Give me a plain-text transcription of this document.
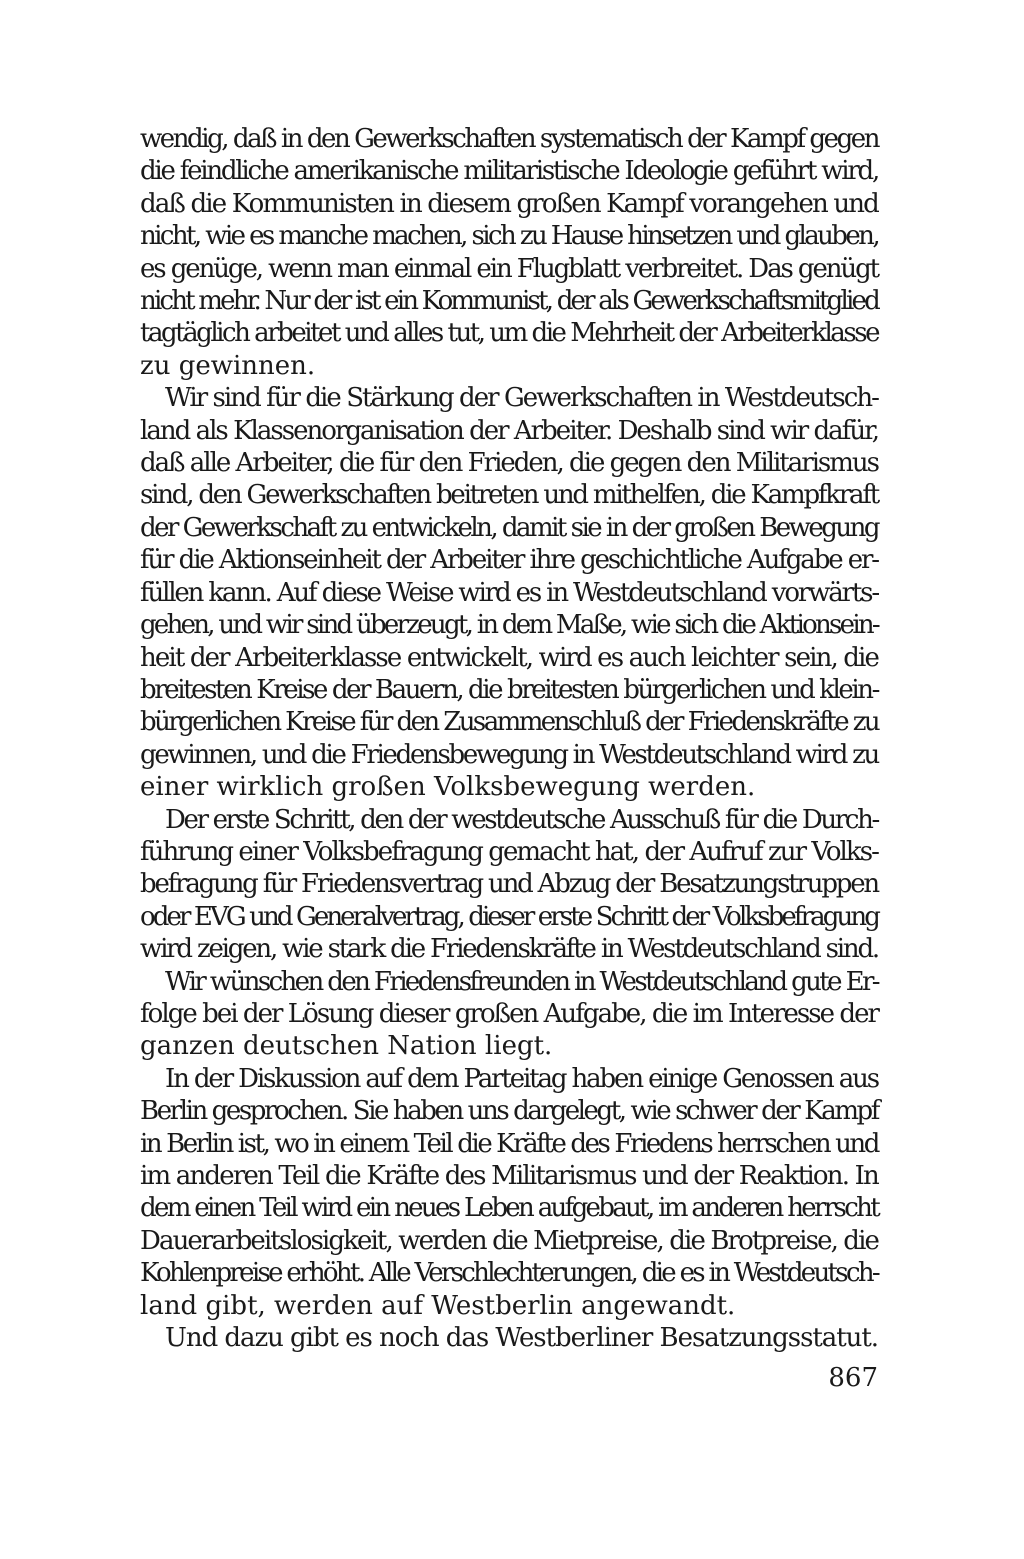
wendig, daß in den Gewerkschaften systematisch der Kampf gegen
die feindliche amerikanische militaristische Ideologie geführt wird,
daß die Kommunisten in diesem großen Kampf vorangehen und
nicht, wie es manche machen, sich zu Hause hinsetzen und glauben,
es genüge, wenn man einmal ein Flugblatt verbreitet. Das genügt
nicht mehr. Nur der ist ein Kommunist, der als Gewerkschaftsmitglied
tagtäglich arbeitet und alles tut, um die Mehrheit der Arbeiterklasse
zu gewinnen.

Wir sind für die Stärkung der Gewerkschaften in Westdeutsch-
land als Klassenorganisation der Arbeiter. Deshalb sind wir dafür,
daß alle Arbeiter, die für den Frieden, die gegen den Militarismus
sind, den Gewerkschaften beitreten und mithelfen, die Kampfkraft
der Gewerkschaft zu entwickeln, damit sie in der großen Bewegung
für die Aktionseinheit der Arbeiter ihre geschichtliche Aufgabe er-
füllen kann. Auf diese Weise wird es in Westdeutschland vorwärts-
gehen, und wir sind überzeugt, in dem Maße, wie sich die Aktionsein-
heit der Arbeiterklasse entwickelt, wird es auch leichter sein, die
breitesten Kreise der Bauern, die breitesten bürgerlichen und klein-
bürgerlichen Kreise für den Zusammenschluß der Friedenskräfte zu
gewinnen, und die Friedensbewegung in Westdeutschland wird zu
einer wirklich großen Volksbewegung werden.

Der erste Schritt, den der westdeutsche Ausschuß für die Durch-
führung einer Volksbefragung gemacht hat, der Aufruf zur Volks-
befragung für Friedensvertrag und Abzug der Besatzungstruppen
oder EVG und Generalvertrag, dieser erste Schritt der Volksbefragung
wird zeigen, wie stark die Friedenskräfte in Westdeutschland sind.

Wir wünschen den Friedensfreunden in Westdeutschland gute Er-
folge bei der Lösung dieser großen Aufgabe, die im Interesse der
ganzen deutschen Nation liegt.

In der Diskussion auf dem Parteitag haben einige Genossen aus
Berlin gesprochen. Sie haben uns dargelegt, wie schwer der Kampf
in Berlin ist, wo in einem Teil die Kräfte des Friedens herrschen und
im anderen Teil die Kräfte des Militarismus und der Reaktion. In
dem einen Teil wird ein neues Leben aufgebaut, im anderen herrscht
Dauerarbeitslosigkeit, werden die Mietpreise, die Brotpreise, die
Kohlenpreise erhöht. Alle Verschlechterungen, die es in Westdeutsch-
land gibt, werden auf Westberlin angewandt.

Und dazu gibt es noch das Westberliner Besatzungsstatut.

867
